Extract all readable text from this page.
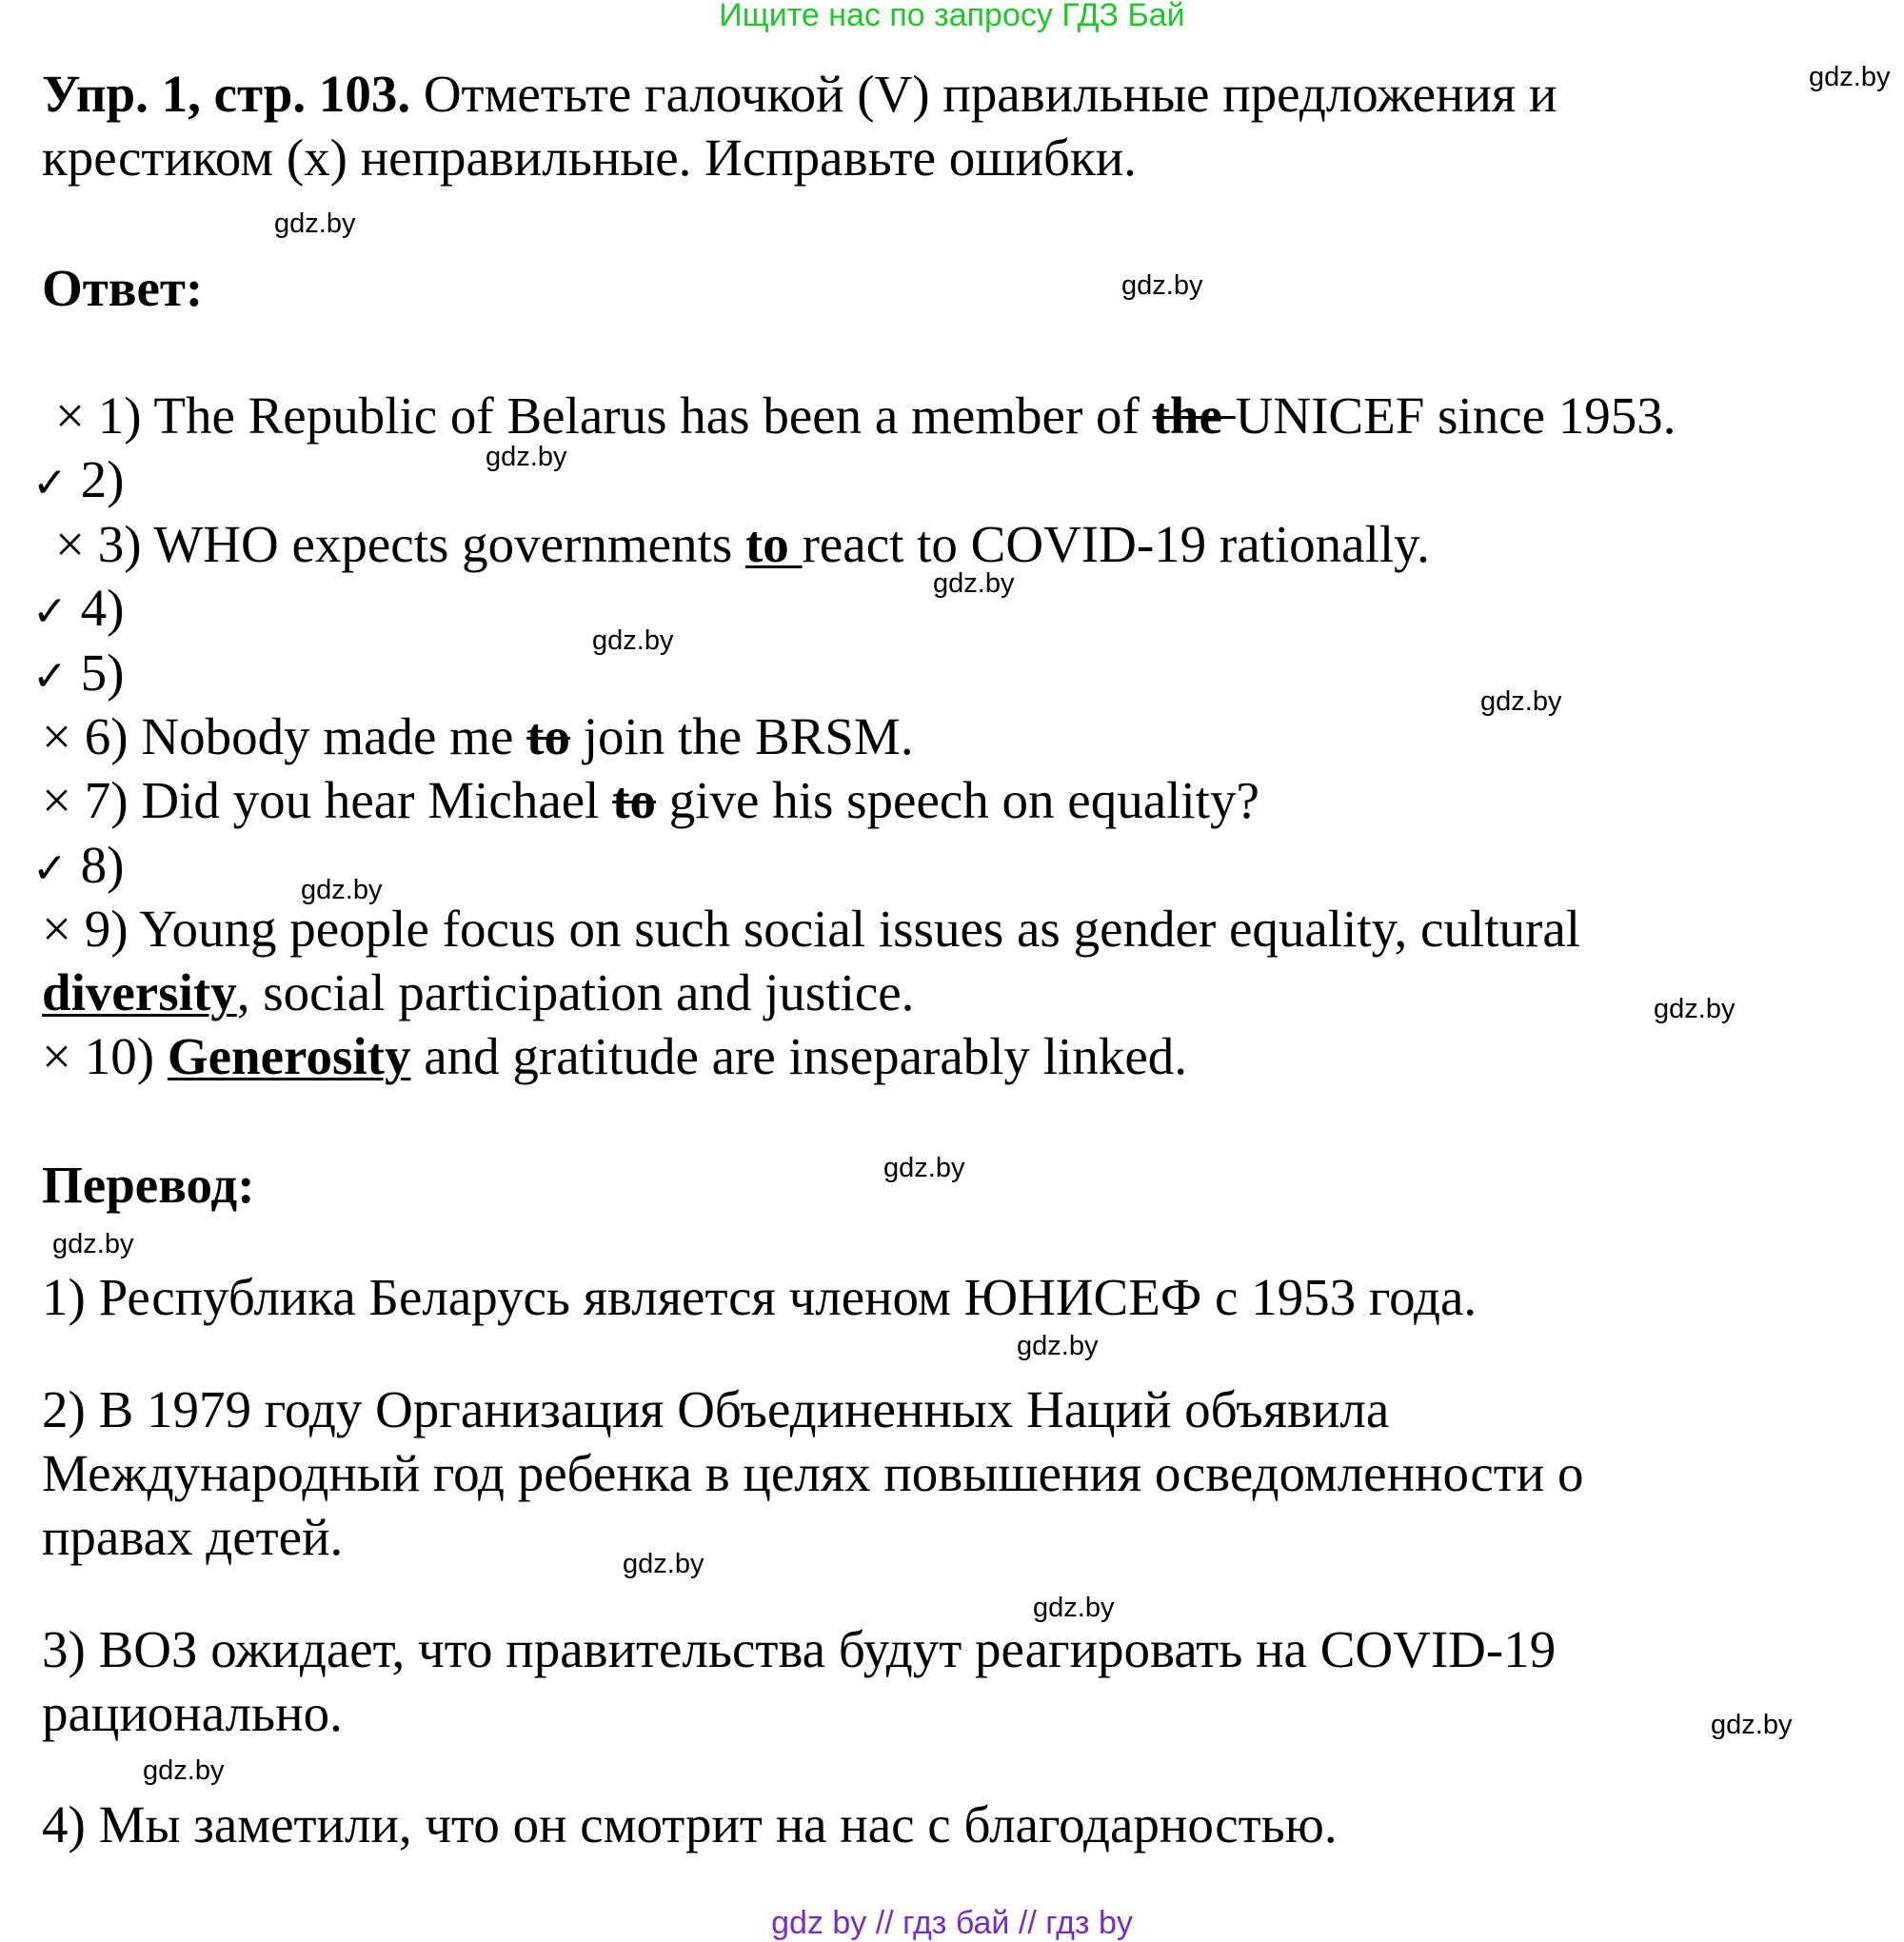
Ищите нас по запросу ГДЗ Бай
gdz.by
gdz.by
gdz.by
gdz.by
gdz.by
gdz.by
gdz.by
gdz.by
gdz.by
gdz.by
gdz.by
gdz.by
gdz.by
gdz.by
gdz.by
gdz.by
Упр. 1, стр. 103. Отметьте галочкой (V) правильные предложения и
крестиком (x) неправильные. Исправьте ошибки.
Ответ:
× 1) The Republic of Belarus has been a member of the UNICEF since 1953.
✓ 2)
× 3) WHO expects governments to react to COVID-19 rationally.
✓ 4)
✓ 5)
× 6) Nobody made me to join the BRSM.
× 7) Did you hear Michael to give his speech on equality?
✓ 8)
× 9) Young people focus on such social issues as gender equality, cultural
diversity, social participation and justice.
× 10) Generosity and gratitude are inseparably linked.
Перевод:
1) Республика Беларусь является членом ЮНИСЕФ с 1953 года.
2) В 1979 году Организация Объединенных Наций объявила
Международный год ребенка в целях повышения осведомленности о
правах детей.
3) ВОЗ ожидает, что правительства будут реагировать на COVID-19
рационально.
4) Мы заметили, что он смотрит на нас с благодарностью.
gdz by // гдз бай // гдз by
